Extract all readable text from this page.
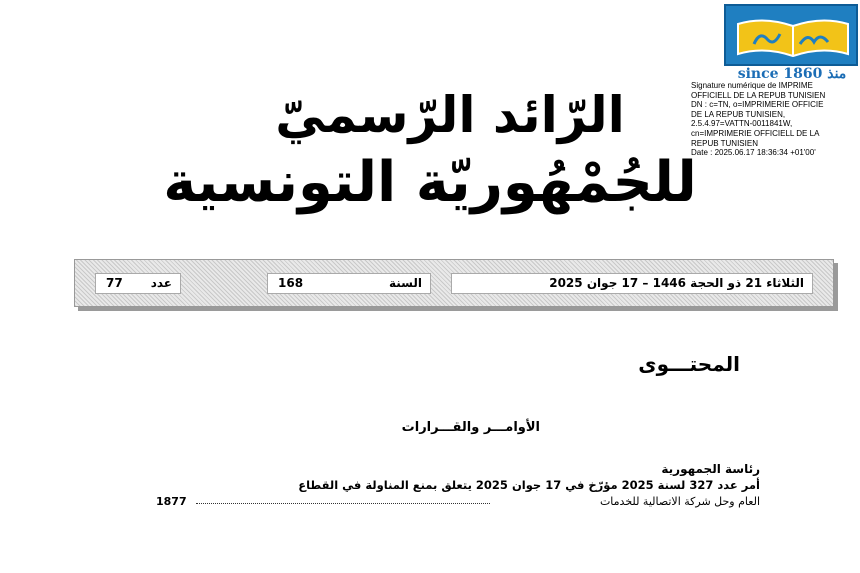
since 1860 منذ
Signature numérique de IMPRIME
OFFICIELL DE LA REPUB TUNISIEN
DN : c=TN, o=IMPRIMERIE OFFICIE
DE LA REPUB TUNISIEN,
2.5.4.97=VATTN-0011841W,
cn=IMPRIMERIE OFFICIELL DE LA
REPUB TUNISIEN
Date : 2025.06.17 18:36:34 +01'00'
الرّائد الرّسميّ
للجُمْهُوريّة التونسية
الثلاثاء 21 ذو الحجة 1446 – 17 جوان 2025
السنة
168
عدد
77
المحتـــوى
الأوامـــر والقـــرارات
رئاسة الجمهورية
أمر عدد 327 لسنة 2025 مؤرّخ في 17 جوان 2025 يتعلق بمنع المناولة في القطاع
العام وحل شركة الاتصالية للخدمات
1877
